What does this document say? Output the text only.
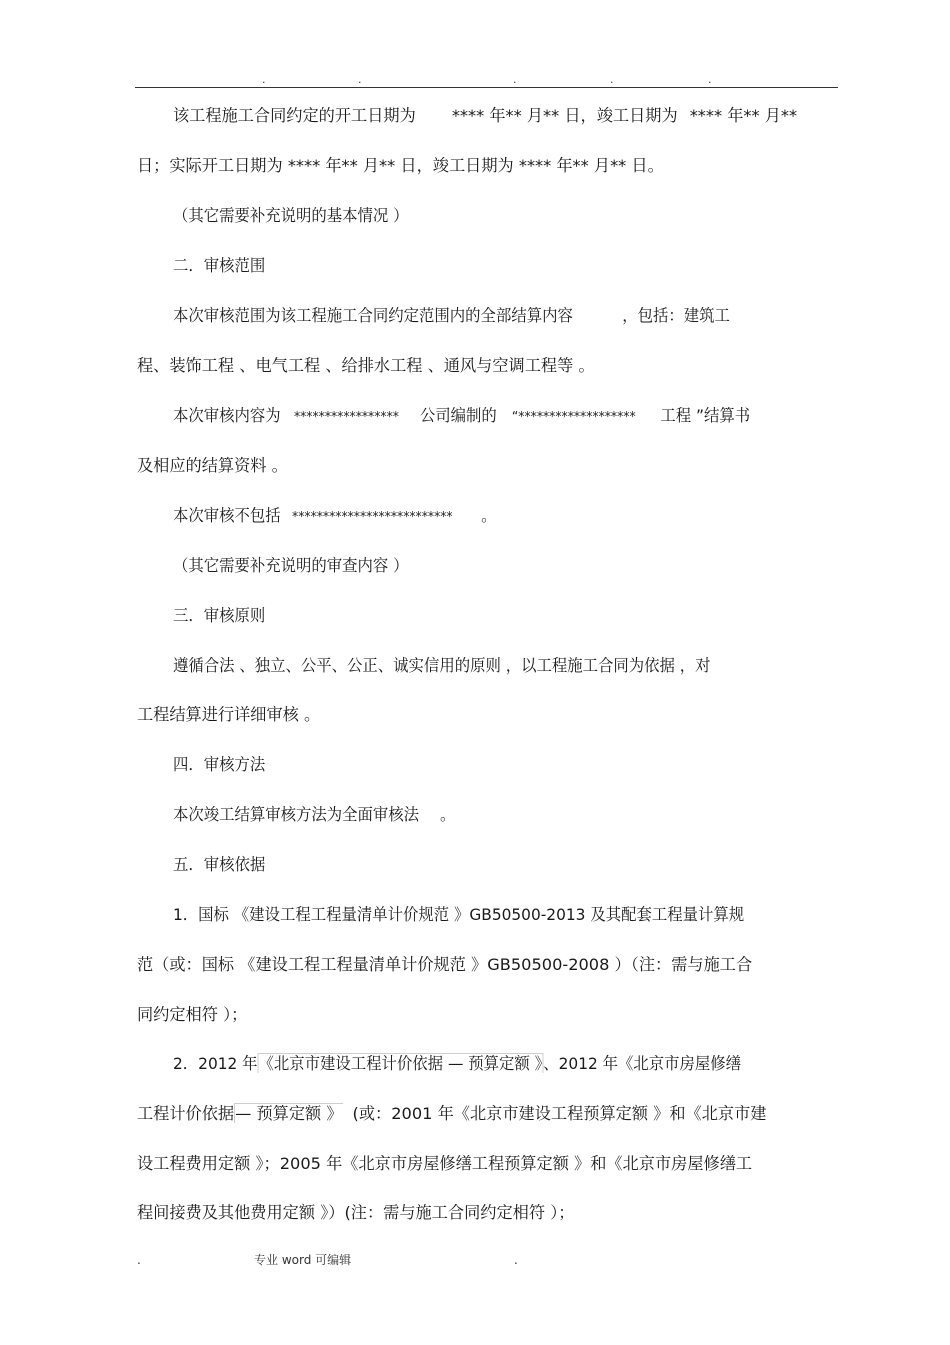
.	.	.	.	.
该工程施工合同约定的开工日期为 **** 年** 月** 日，竣工日期为 **** 年** 月**
日；实际开工日期为 **** 年** 月** 日，竣工日期为 **** 年** 月** 日。
（其它需要补充说明的基本情况 ）
二．审核范围
本次审核范围为该工程施工合同约定范围内的全部结算内容	，包括：建筑工
程、装饰工程 、电气工程 、给排水工程 、通风与空调工程等 。
本次审核内容为 ***************** 公司编制的 “******************* 工程 ”结算书
及相应的结算资料 。
本次审核不包括 ************************** 。
（其它需要补充说明的审查内容 ）
三．审核原则
遵循合法 、独立、公平、公正、诚实信用的原则 ，以工程施工合同为依据 ，对
工程结算进行详细审核 。
四．审核方法
本次竣工结算审核方法为全面审核法 。
五．审核依据
1．国标 《建设工程工程量清单计价规范 》GB50500-2013 及其配套工程量计算规
范（或：国标 《建设工程工程量清单计价规范 》GB50500-2008 ）（注：需与施工合
同约定相符 ）；
2．2012 年《北京市建设工程计价依据 — 预算定额 》、2012 年《北京市房屋修缮
工程计价依据— 预算定额 》 (或：2001 年《北京市建设工程预算定额 》和《北京市建
设工程费用定额 》；2005 年《北京市房屋修缮工程预算定额 》和《北京市房屋修缮工
程间接费及其他费用定额 》）(注：需与施工合同约定相符 ）；
.	专业 word 可编辑	.
